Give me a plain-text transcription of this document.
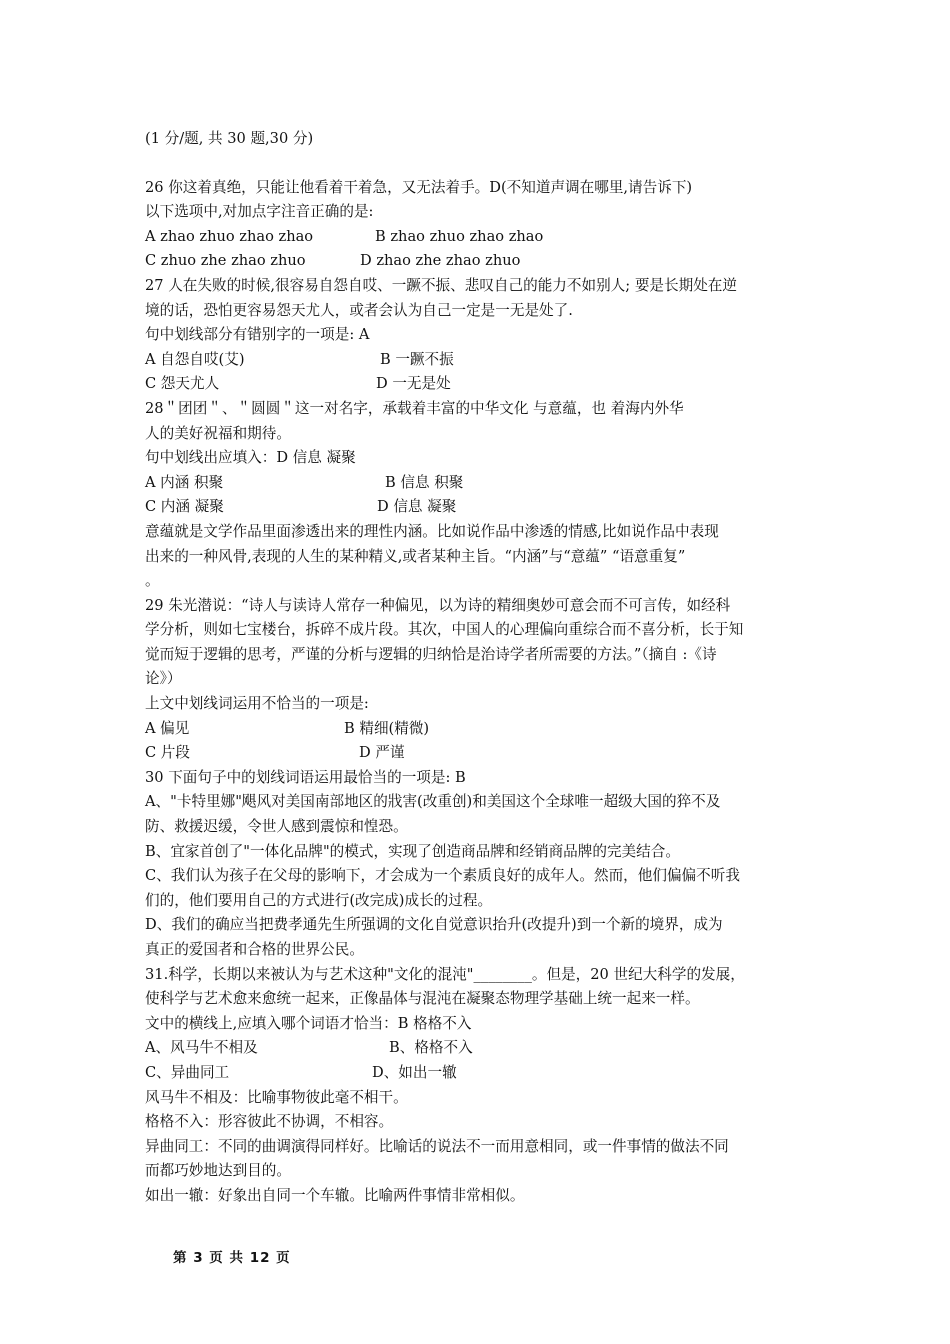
(1 分/题, 共 30 题,30 分)
26 你这着真绝，只能让他看着干着急，又无法着手。D(不知道声调在哪里,请告诉下)
以下选项中,对加点字注音正确的是:
A zhao zhuo zhao zhao	B zhao zhuo zhao zhao
C zhuo zhe zhao zhuo	D zhao zhe zhao zhuo
27 人在失败的时候,很容易自怨自哎、一蹶不振、悲叹自己的能力不如别人; 要是长期处在逆
境的话，恐怕更容易怨天尤人，或者会认为自己一定是一无是处了.
句中划线部分有错别字的一项是: A
A 自怨自哎(艾)	B 一蹶不振
C 怨天尤人	D 一无是处
28＂团团＂、＂圆圆＂这一对名字，承载着丰富的中华文化 与意蕴，也 着海内外华
人的美好祝福和期待。
句中划线出应填入：D 信息 凝聚
A 内涵 积聚	B 信息 积聚
C 内涵 凝聚	D 信息 凝聚
意蕴就是文学作品里面渗透出来的理性内涵。比如说作品中渗透的情感,比如说作品中表现
出来的一种风骨,表现的人生的某种精义,或者某种主旨。“内涵”与“意蕴” “语意重复”
。
29 朱光潜说：“诗人与读诗人常存一种偏见，以为诗的精细奥妙可意会而不可言传，如经科
学分析，则如七宝楼台，拆碎不成片段。其次，中国人的心理偏向重综合而不喜分析，长于知
觉而短于逻辑的思考，严谨的分析与逻辑的归纳恰是治诗学者所需要的方法。”（摘自 :《诗
论》）
上文中划线词运用不恰当的一项是:
A 偏见	B 精细(精微)
C 片段	D 严谨
30 下面句子中的划线词语运用最恰当的一项是: B
A、"卡特里娜"飓风对美国南部地区的戕害(改重创)和美国这个全球唯一超级大国的猝不及
防、救援迟缓，令世人感到震惊和惶恐。
B、宜家首创了"一体化品牌"的模式，实现了创造商品牌和经销商品牌的完美结合。
C、我们认为孩子在父母的影响下，才会成为一个素质良好的成年人。然而，他们偏偏不听我
们的，他们要用自己的方式进行(改完成)成长的过程。
D、我们的确应当把费孝通先生所强调的文化自觉意识抬升(改提升)到一个新的境界，成为
真正的爱国者和合格的世界公民。
31.科学，长期以来被认为与艺术这种"文化的混沌"________。但是，20 世纪大科学的发展，
使科学与艺术愈来愈统一起来，正像晶体与混沌在凝聚态物理学基础上统一起来一样。
文中的横线上,应填入哪个词语才恰当：B 格格不入
A、风马牛不相及	B、格格不入
C、异曲同工	D、如出一辙
风马牛不相及：比喻事物彼此毫不相干。
格格不入：形容彼此不协调，不相容。
异曲同工：不同的曲调演得同样好。比喻话的说法不一而用意相同，或一件事情的做法不同
而都巧妙地达到目的。
如出一辙：好象出自同一个车辙。比喻两件事情非常相似。
第 3 页 共 12 页
